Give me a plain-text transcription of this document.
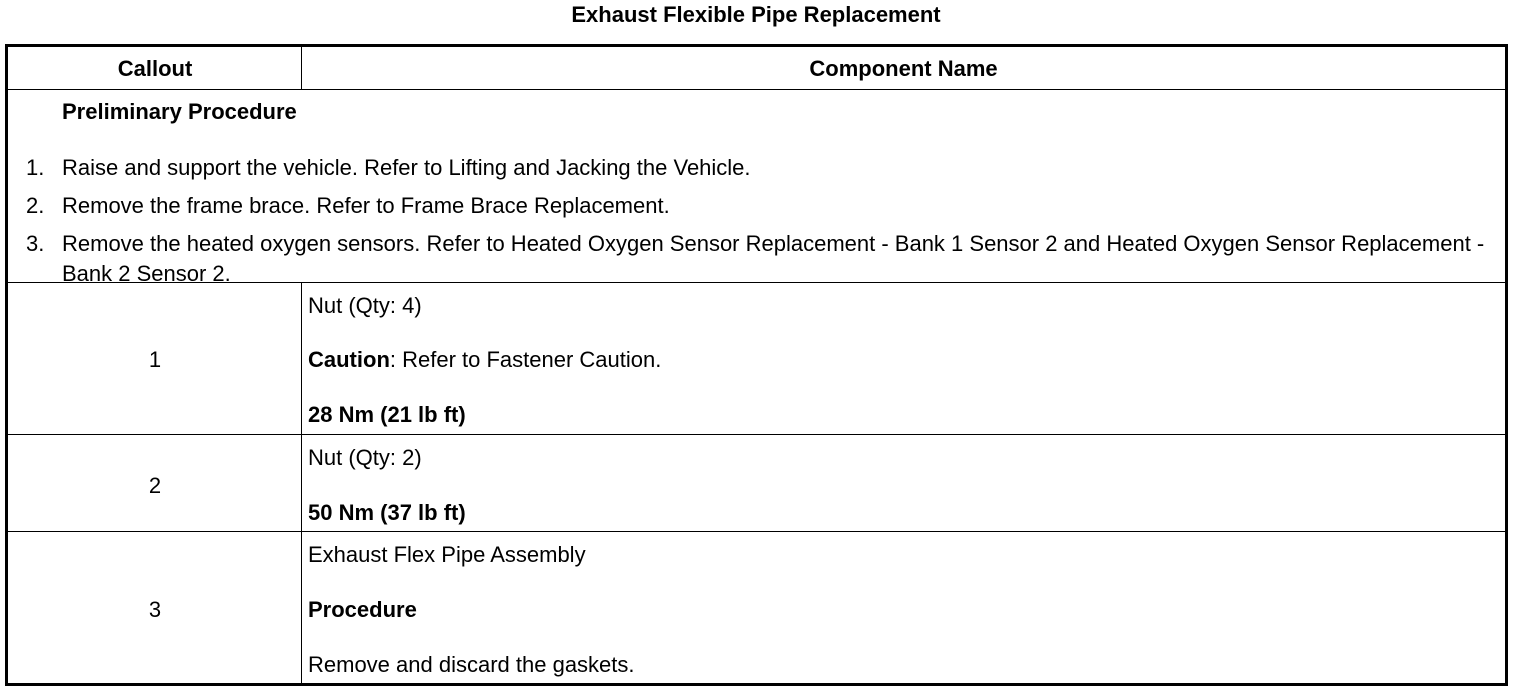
Exhaust Flexible Pipe Replacement
Callout	Component Name
Preliminary Procedure
1. Raise and support the vehicle. Refer to Lifting and Jacking the Vehicle.
2. Remove the frame brace. Refer to Frame Brace Replacement.
3. Remove the heated oxygen sensors. Refer to Heated Oxygen Sensor Replacement - Bank 1 Sensor 2 and Heated Oxygen Sensor Replacement - Bank 2 Sensor 2.
1
Nut (Qty: 4)
Caution: Refer to Fastener Caution.
28 Nm (21 lb ft)
2
Nut (Qty: 2)
50 Nm (37 lb ft)
3
Exhaust Flex Pipe Assembly
Procedure
Remove and discard the gaskets.
